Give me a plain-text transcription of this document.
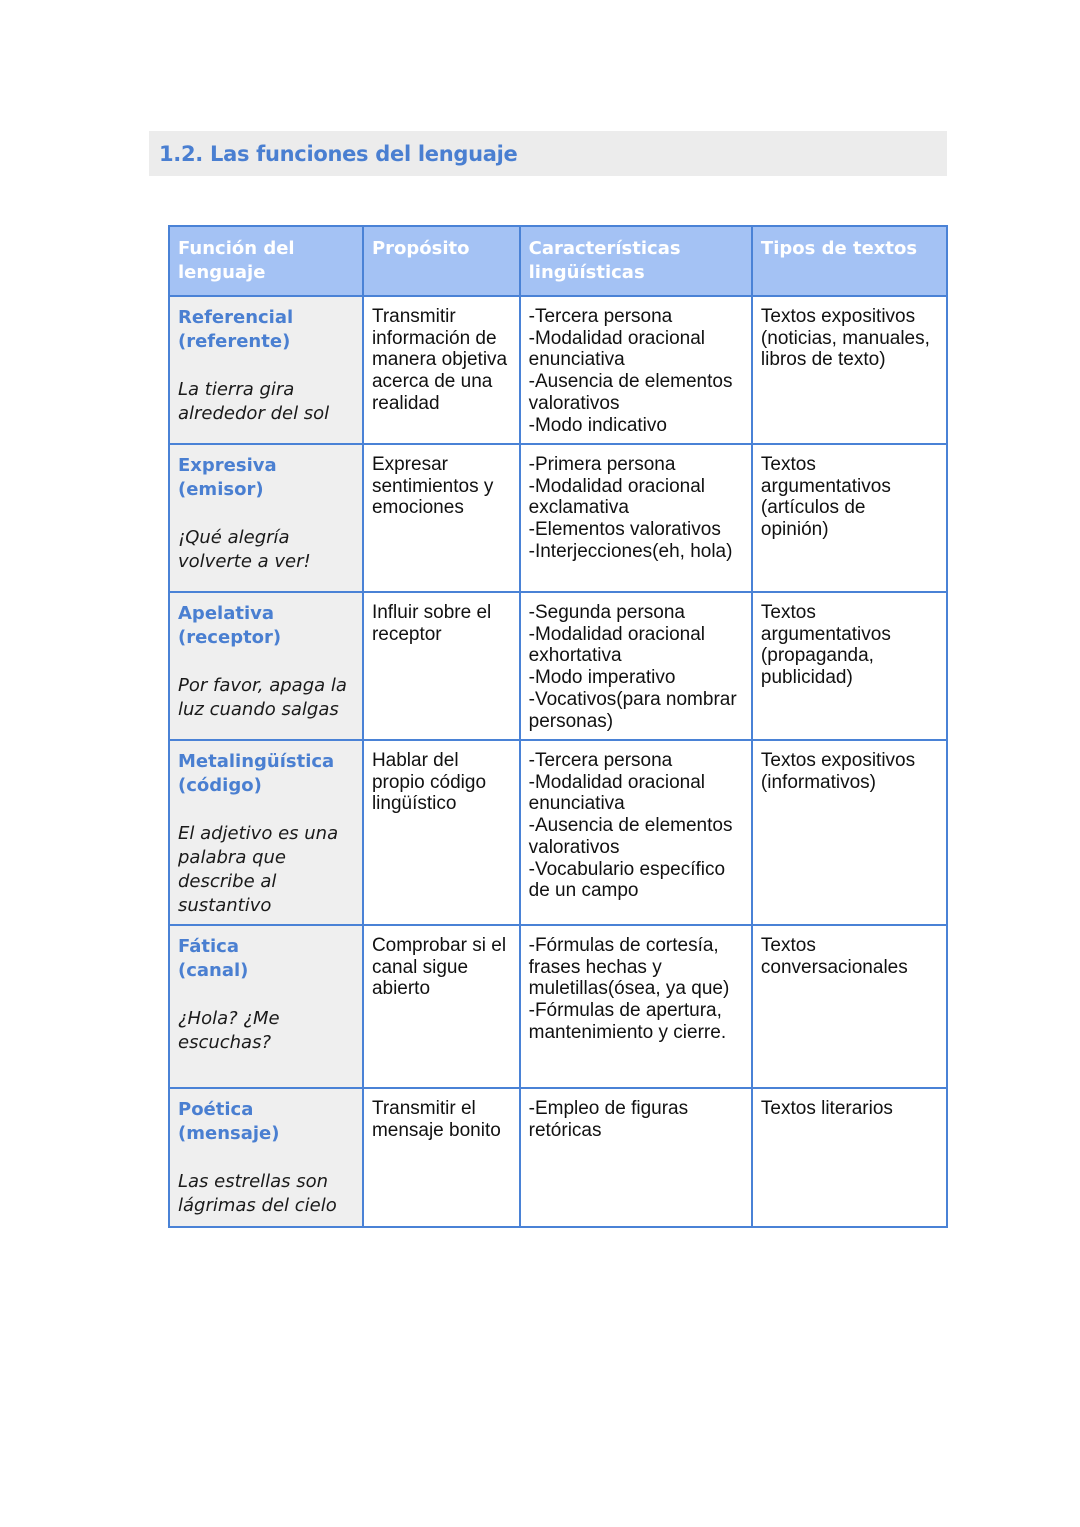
1.2. Las funciones del lenguaje
Función del lenguaje	Propósito	Características lingüísticas	Tipos de textos

Referencial
(referente)
La tierra gira alrededor del sol	Transmitir información de manera objetiva acerca de una realidad	-Tercera persona
-Modalidad oracional enunciativa
-Ausencia de elementos valorativos
-Modo indicativo	Textos expositivos (noticias, manuales, libros de texto)

Expresiva
(emisor)
¡Qué alegría volverte a ver!	Expresar sentimientos y emociones	-Primera persona
-Modalidad oracional exclamativa
-Elementos valorativos
-Interjecciones(eh, hola)	Textos argumentativos (artículos de opinión)

Apelativa
(receptor)
Por favor, apaga la luz cuando salgas	Influir sobre el receptor	-Segunda persona
-Modalidad oracional exhortativa
-Modo imperativo
-Vocativos(para nombrar personas)	Textos argumentativos (propaganda, publicidad)

Metalingüística
(código)
El adjetivo es una palabra que describe al sustantivo	Hablar del propio código lingüístico	-Tercera persona
-Modalidad oracional enunciativa
-Ausencia de elementos valorativos
-Vocabulario específico de un campo	Textos expositivos (informativos)

Fática
(canal)
¿Hola? ¿Me escuchas?	Comprobar si el canal sigue abierto	-Fórmulas de cortesía, frases hechas y muletillas(ósea, ya que)
-Fórmulas de apertura, mantenimiento y cierre.	Textos conversacionales

Poética
(mensaje)
Las estrellas son lágrimas del cielo	Transmitir el mensaje bonito	-Empleo de figuras retóricas	Textos literarios
